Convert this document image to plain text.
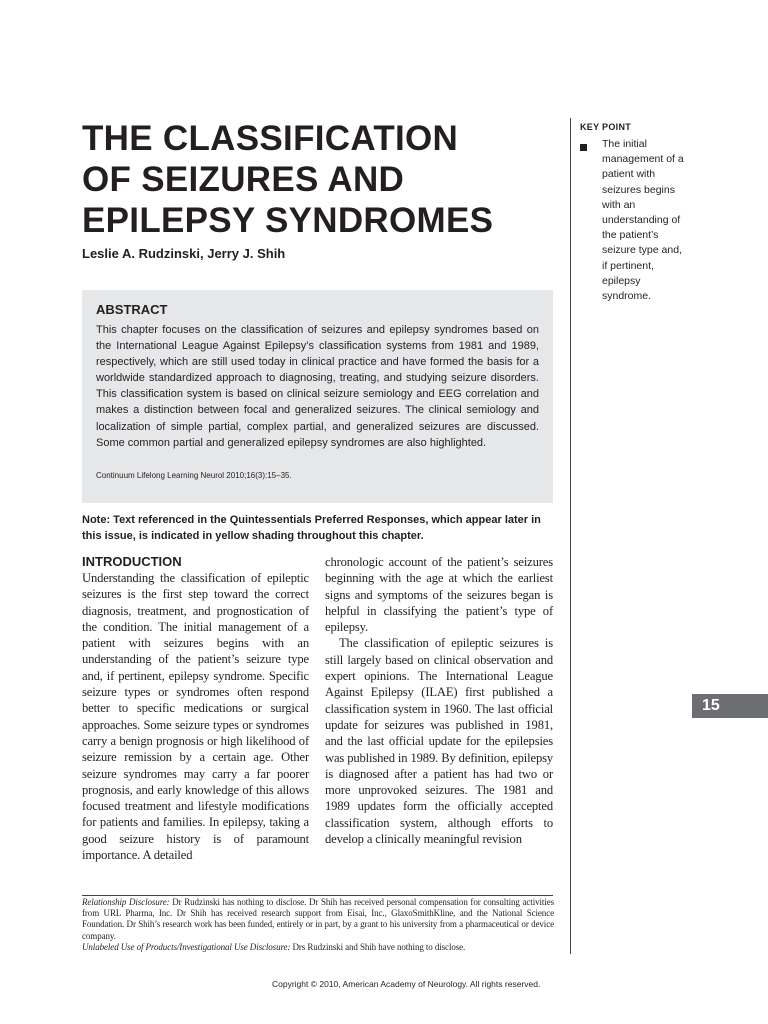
THE CLASSIFICATION
OF SEIZURES AND
EPILEPSY SYNDROMES
Leslie A. Rudzinski, Jerry J. Shih
KEY POINT
The initial management of a patient with seizures begins with an understanding of the patient’s seizure type and, if pertinent, epilepsy syndrome.
ABSTRACT
This chapter focuses on the classification of seizures and epilepsy syndromes based on the International League Against Epilepsy’s classification systems from 1981 and 1989, respectively, which are still used today in clinical practice and have formed the basis for a worldwide standardized approach to diagnosing, treating, and studying seizure disorders. This classification system is based on clinical seizure semiology and EEG correlation and makes a distinction between focal and generalized seizures. The clinical semiology and localization of simple partial, complex partial, and generalized seizures are discussed. Some common partial and generalized epilepsy syndromes are also highlighted.
Continuum Lifelong Learning Neurol 2010;16(3):15–35.
Note: Text referenced in the Quintessentials Preferred Responses, which appear later in this issue, is indicated in yellow shading throughout this chapter.
INTRODUCTION

Understanding the classification of epileptic seizures is the first step toward the correct diagnosis, treatment, and prognostication of the condition. The initial management of a patient with seizures begins with an understanding of the patient’s seizure type and, if pertinent, epilepsy syndrome. Specific seizure types or syndromes often respond better to specific medications or surgical approaches. Some seizure types or syndromes carry a benign prognosis or high likelihood of seizure remission by a certain age. Other seizure syndromes may carry a far poorer prognosis, and early knowledge of this allows focused treatment and lifestyle modifications for patients and families. In epilepsy, taking a good seizure history is of paramount importance. A detailed

chronologic account of the patient’s seizures beginning with the age at which the earliest signs and symptoms of the seizures began is helpful in classifying the patient’s type of epilepsy.

The classification of epileptic seizures is still largely based on clinical observation and expert opinions. The International League Against Epilepsy (ILAE) first published a classification system in 1960. The last official update for seizures was published in 1981, and the last official update for the epilepsies was published in 1989. By definition, epilepsy is diagnosed after a patient has had two or more unprovoked seizures. The 1981 and 1989 updates form the officially accepted classification system, although efforts to develop a clinically meaningful revision

15

Relationship Disclosure: Dr Rudzinski has nothing to disclose. Dr Shih has received personal compensation for consulting activities from URL Pharma, Inc. Dr Shih has received research support from Eisai, Inc., GlaxoSmithKline, and the National Science Foundation. Dr Shih’s research work has been funded, entirely or in part, by a grant to his university from a pharmaceutical or device company.

Unlabeled Use of Products/Investigational Use Disclosure: Drs Rudzinski and Shih have nothing to disclose.

Copyright © 2010, American Academy of Neurology. All rights reserved.
